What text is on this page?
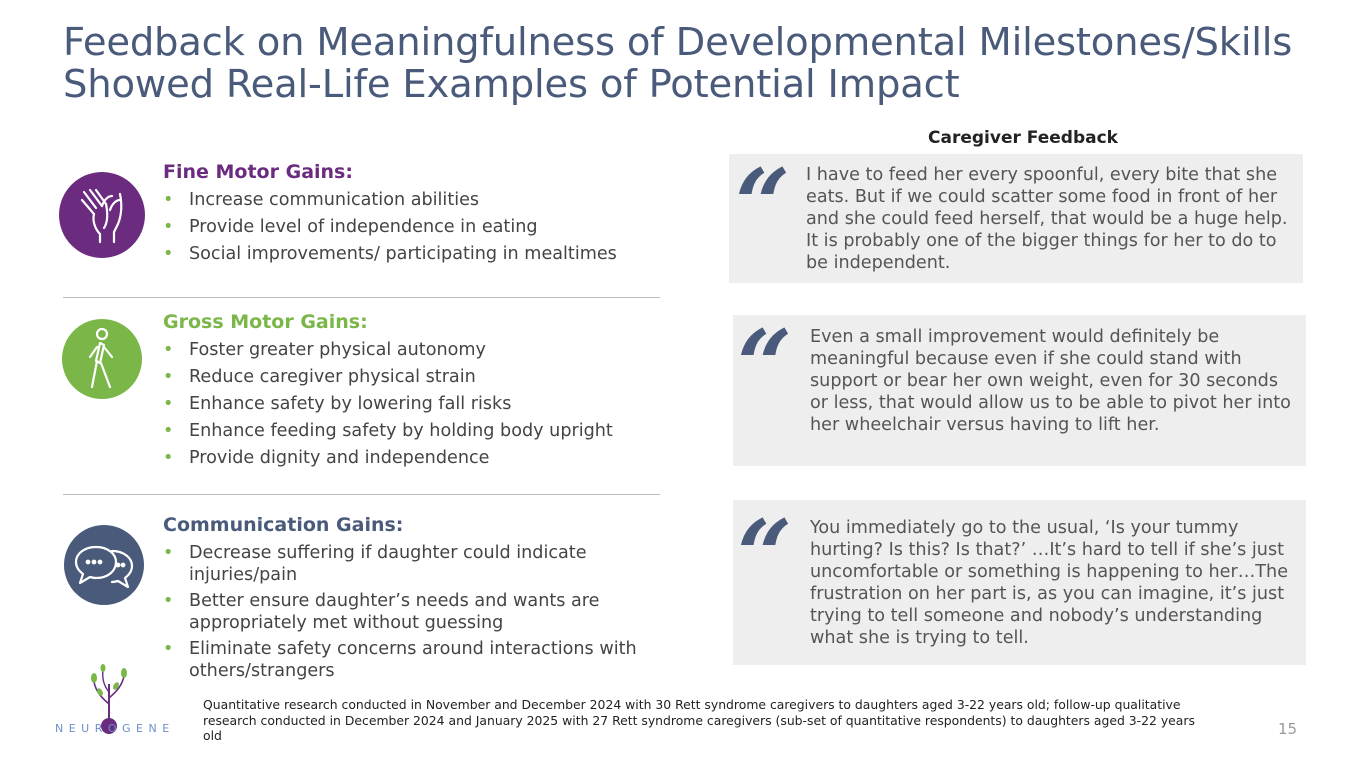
Feedback on Meaningfulness of Developmental Milestones/Skills Showed Real-Life Examples of Potential Impact
Fine Motor Gains:
• Increase communication abilities
• Provide level of independence in eating
• Social improvements/ participating in mealtimes
Gross Motor Gains:
• Foster greater physical autonomy
• Reduce caregiver physical strain
• Enhance safety by lowering fall risks
• Enhance feeding safety by holding body upright
• Provide dignity and independence
Communication Gains:
• Decrease suffering if daughter could indicate injuries/pain
• Better ensure daughter’s needs and wants are appropriately met without guessing
• Eliminate safety concerns around interactions with others/strangers
Caregiver Feedback
“ I have to feed her every spoonful, every bite that she eats. But if we could scatter some food in front of her and she could feed herself, that would be a huge help. It is probably one of the bigger things for her to do to be independent.
“ Even a small improvement would definitely be meaningful because even if she could stand with support or bear her own weight, even for 30 seconds or less, that would allow us to be able to pivot her into her wheelchair versus having to lift her.
“ You immediately go to the usual, ‘Is your tummy hurting? Is this? Is that?’ …It’s hard to tell if she’s just uncomfortable or something is happening to her…The frustration on her part is, as you can imagine, it’s just trying to tell someone and nobody’s understanding what she is trying to tell.
NEUROGENE
Quantitative research conducted in November and December 2024 with 30 Rett syndrome caregivers to daughters aged 3-22 years old; follow-up qualitative research conducted in December 2024 and January 2025 with 27 Rett syndrome caregivers (sub-set of quantitative respondents) to daughters aged 3-22 years old	15
